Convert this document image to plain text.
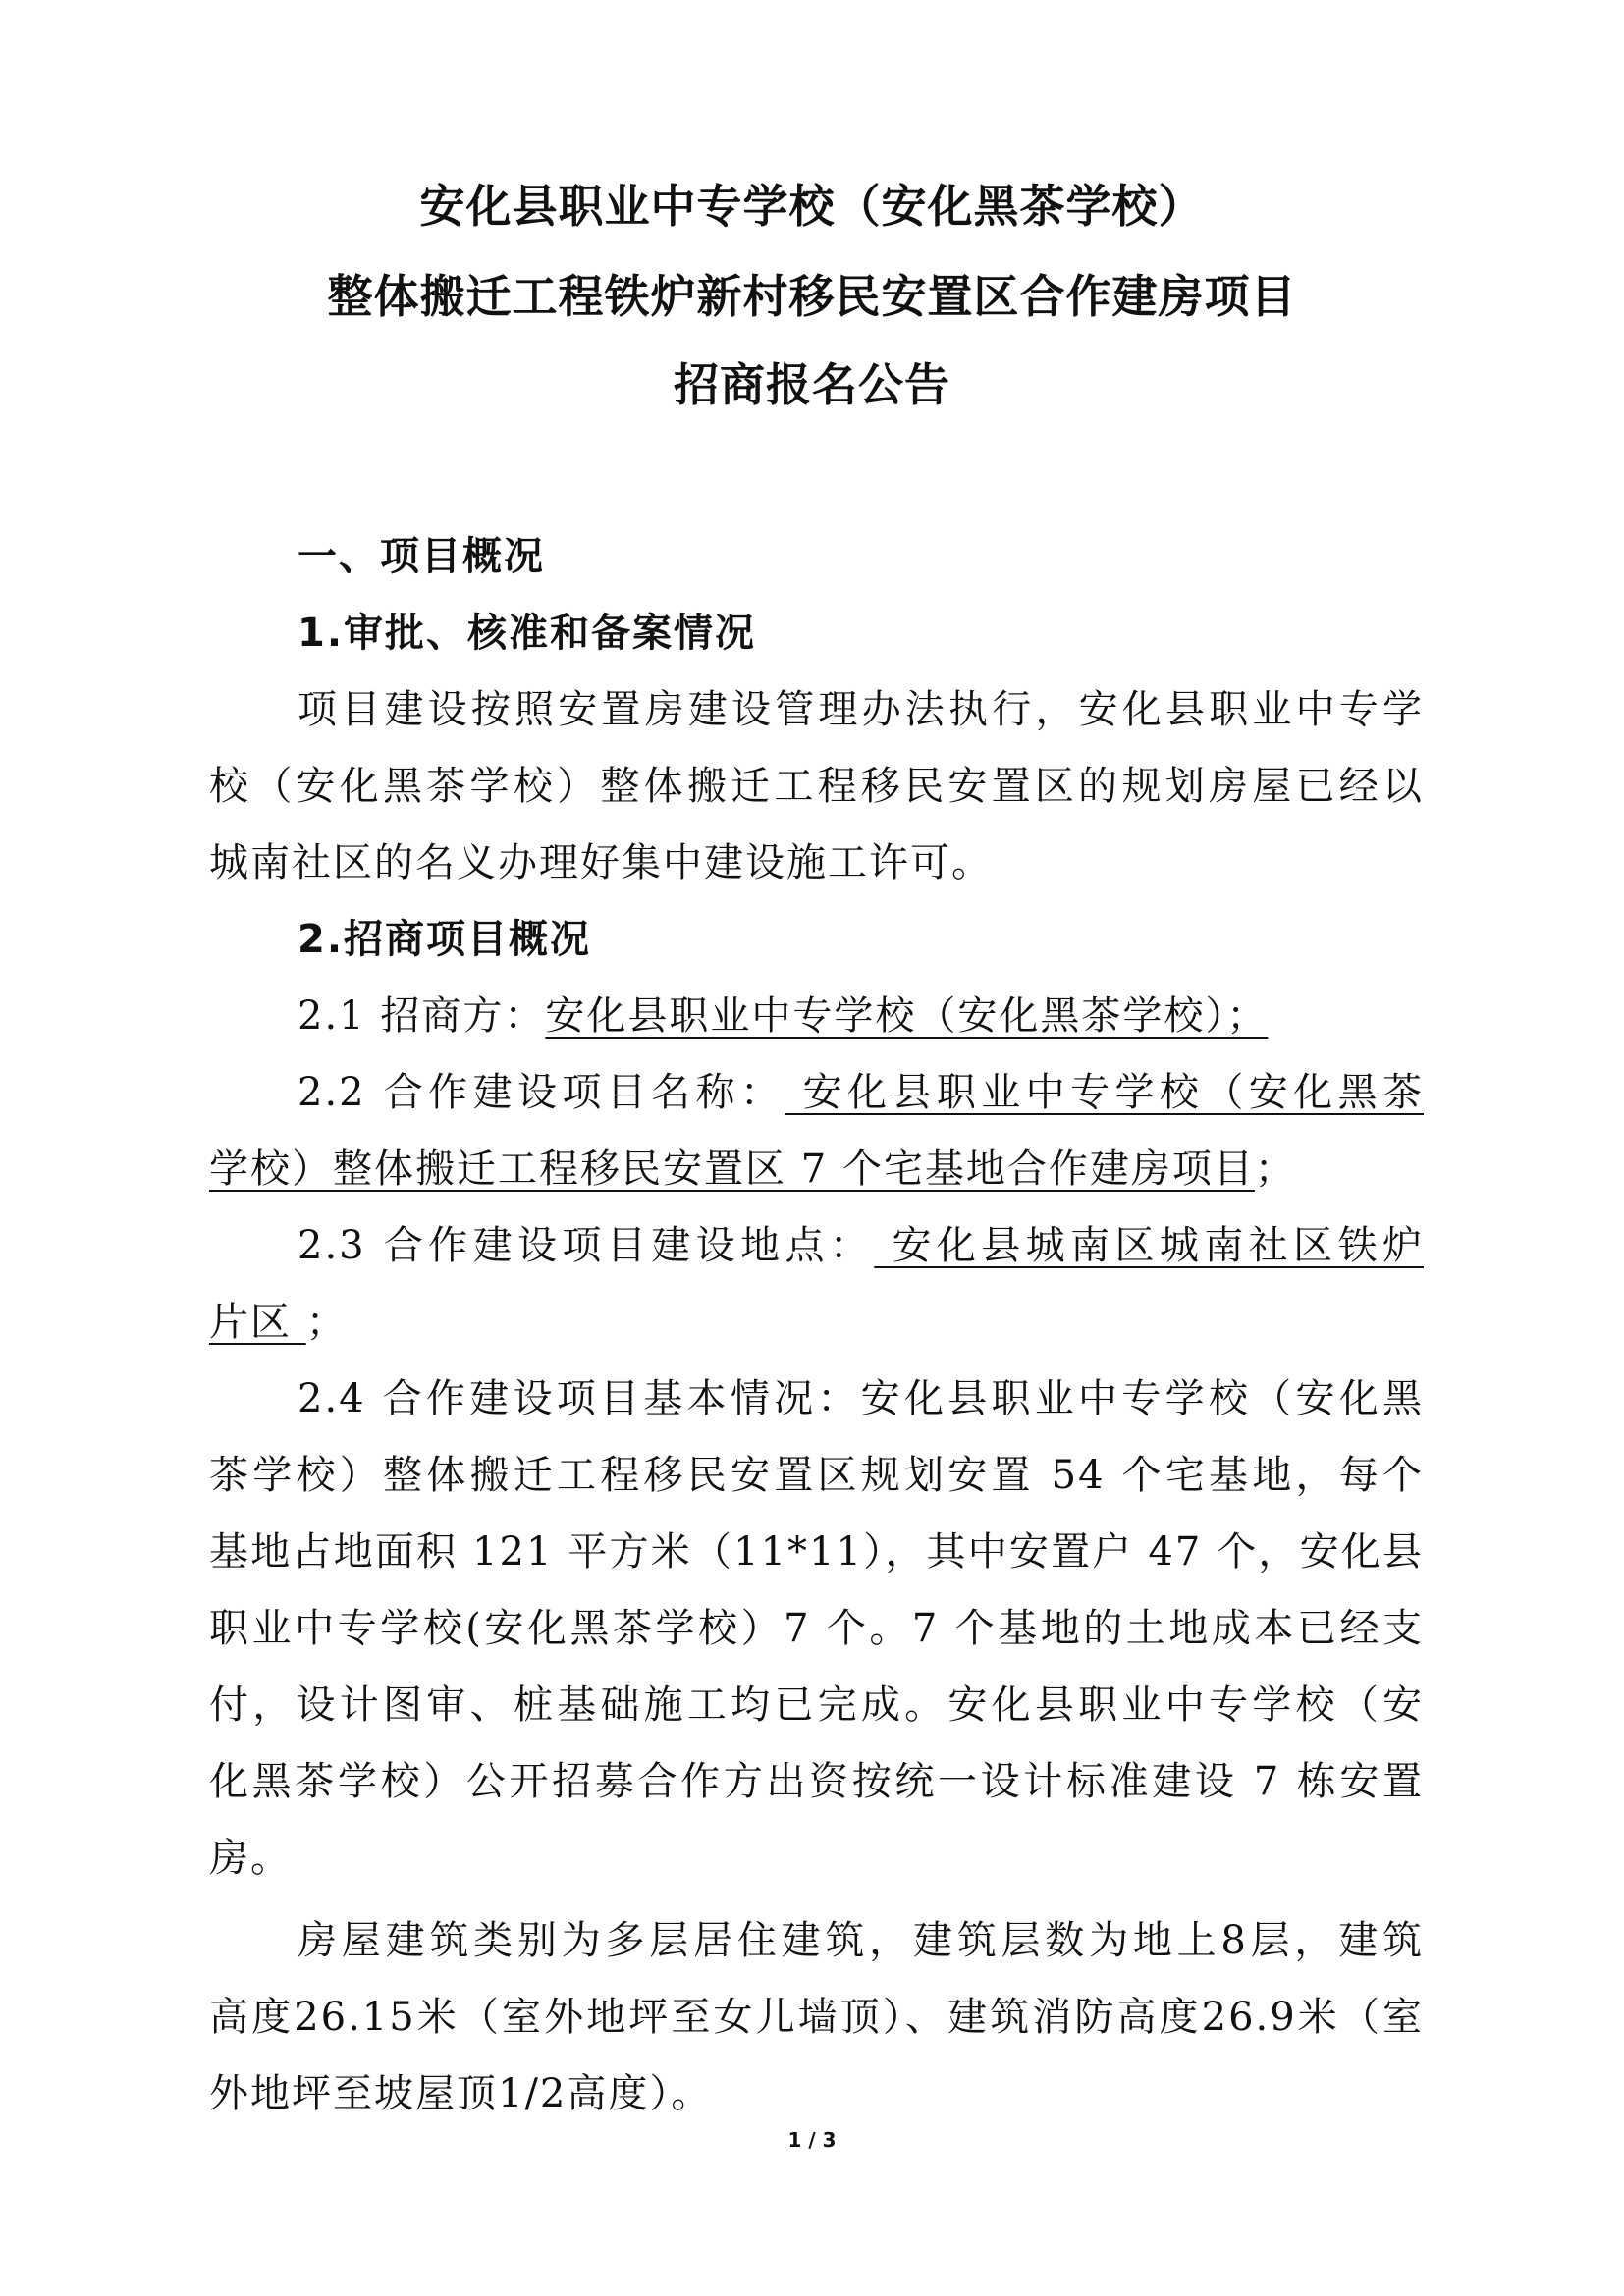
安化县职业中专学校（安化黑茶学校）
整体搬迁工程铁炉新村移民安置区合作建房项目
招商报名公告
一、项目概况
1.审批、核准和备案情况
项目建设按照安置房建设管理办法执行，安化县职业中专学
校（安化黑茶学校）整体搬迁工程移民安置区的规划房屋已经以
城南社区的名义办理好集中建设施工许可。
2.招商项目概况
2.1 招商方：安化县职业中专学校（安化黑茶学校）；
2.2 合作建设项目名称： 安化县职业中专学校（安化黑茶
学校）整体搬迁工程移民安置区 7 个宅基地合作建房项目；
2.3 合作建设项目建设地点： 安化县城南区城南社区铁炉
片区 ；
2.4 合作建设项目基本情况：安化县职业中专学校（安化黑
茶学校）整体搬迁工程移民安置区规划安置 54 个宅基地，每个
基地占地面积 121 平方米（11*11），其中安置户 47 个，安化县
职业中专学校(安化黑茶学校）7 个。7 个基地的土地成本已经支
付，设计图审、桩基础施工均已完成。安化县职业中专学校（安
化黑茶学校）公开招募合作方出资按统一设计标准建设 7 栋安置
房。
房屋建筑类别为多层居住建筑，建筑层数为地上8层，建筑
高度26.15米（室外地坪至女儿墙顶）、建筑消防高度26.9米（室
外地坪至坡屋顶1/2高度）。
1 / 3
